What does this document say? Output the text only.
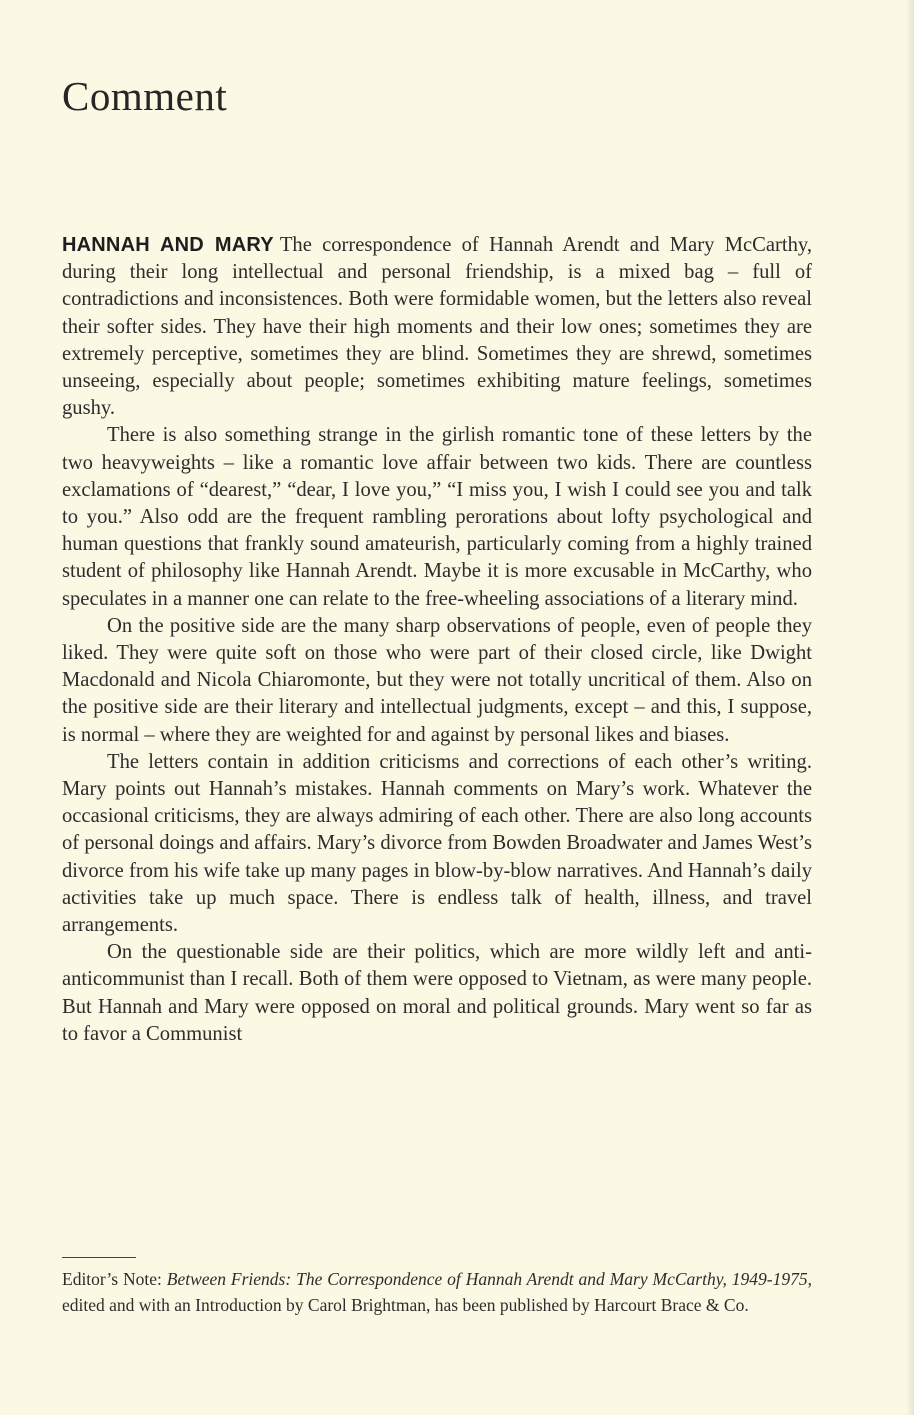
Comment

HANNAH AND MARY The correspondence of Hannah Arendt and Mary McCarthy, during their long intellectual and personal friendship, is a mixed bag – full of contradictions and inconsistences. Both were formidable women, but the letters also reveal their softer sides. They have their high moments and their low ones; sometimes they are extremely perceptive, sometimes they are blind. Sometimes they are shrewd, sometimes unseeing, especially about people; sometimes exhibiting mature feelings, sometimes gushy.

There is also something strange in the girlish romantic tone of these letters by the two heavyweights – like a romantic love affair between two kids. There are countless exclamations of “dearest,” “dear, I love you,” “I miss you, I wish I could see you and talk to you.” Also odd are the frequent rambling perorations about lofty psychological and human questions that frankly sound amateurish, particularly coming from a highly trained student of philosophy like Hannah Arendt. Maybe it is more excusable in McCarthy, who speculates in a manner one can relate to the free-wheeling associations of a literary mind.

On the positive side are the many sharp observations of people, even of people they liked. They were quite soft on those who were part of their closed circle, like Dwight Macdonald and Nicola Chiaromonte, but they were not totally uncritical of them. Also on the positive side are their literary and intellectual judgments, except – and this, I suppose, is normal – where they are weighted for and against by personal likes and biases.

The letters contain in addition criticisms and corrections of each other’s writing. Mary points out Hannah’s mistakes. Hannah comments on Mary’s work. Whatever the occasional criticisms, they are always admiring of each other. There are also long accounts of personal doings and affairs. Mary’s divorce from Bowden Broadwater and James West’s divorce from his wife take up many pages in blow-by-blow narratives. And Hannah’s daily activities take up much space. There is endless talk of health, illness, and travel arrangements.

On the questionable side are their politics, which are more wildly left and anti-anticommunist than I recall. Both of them were opposed to Vietnam, as were many people. But Hannah and Mary were opposed on moral and political grounds. Mary went so far as to favor a Communist

Editor’s Note: Between Friends: The Correspondence of Hannah Arendt and Mary McCarthy, 1949-1975, edited and with an Introduction by Carol Brightman, has been published by Harcourt Brace & Co.
